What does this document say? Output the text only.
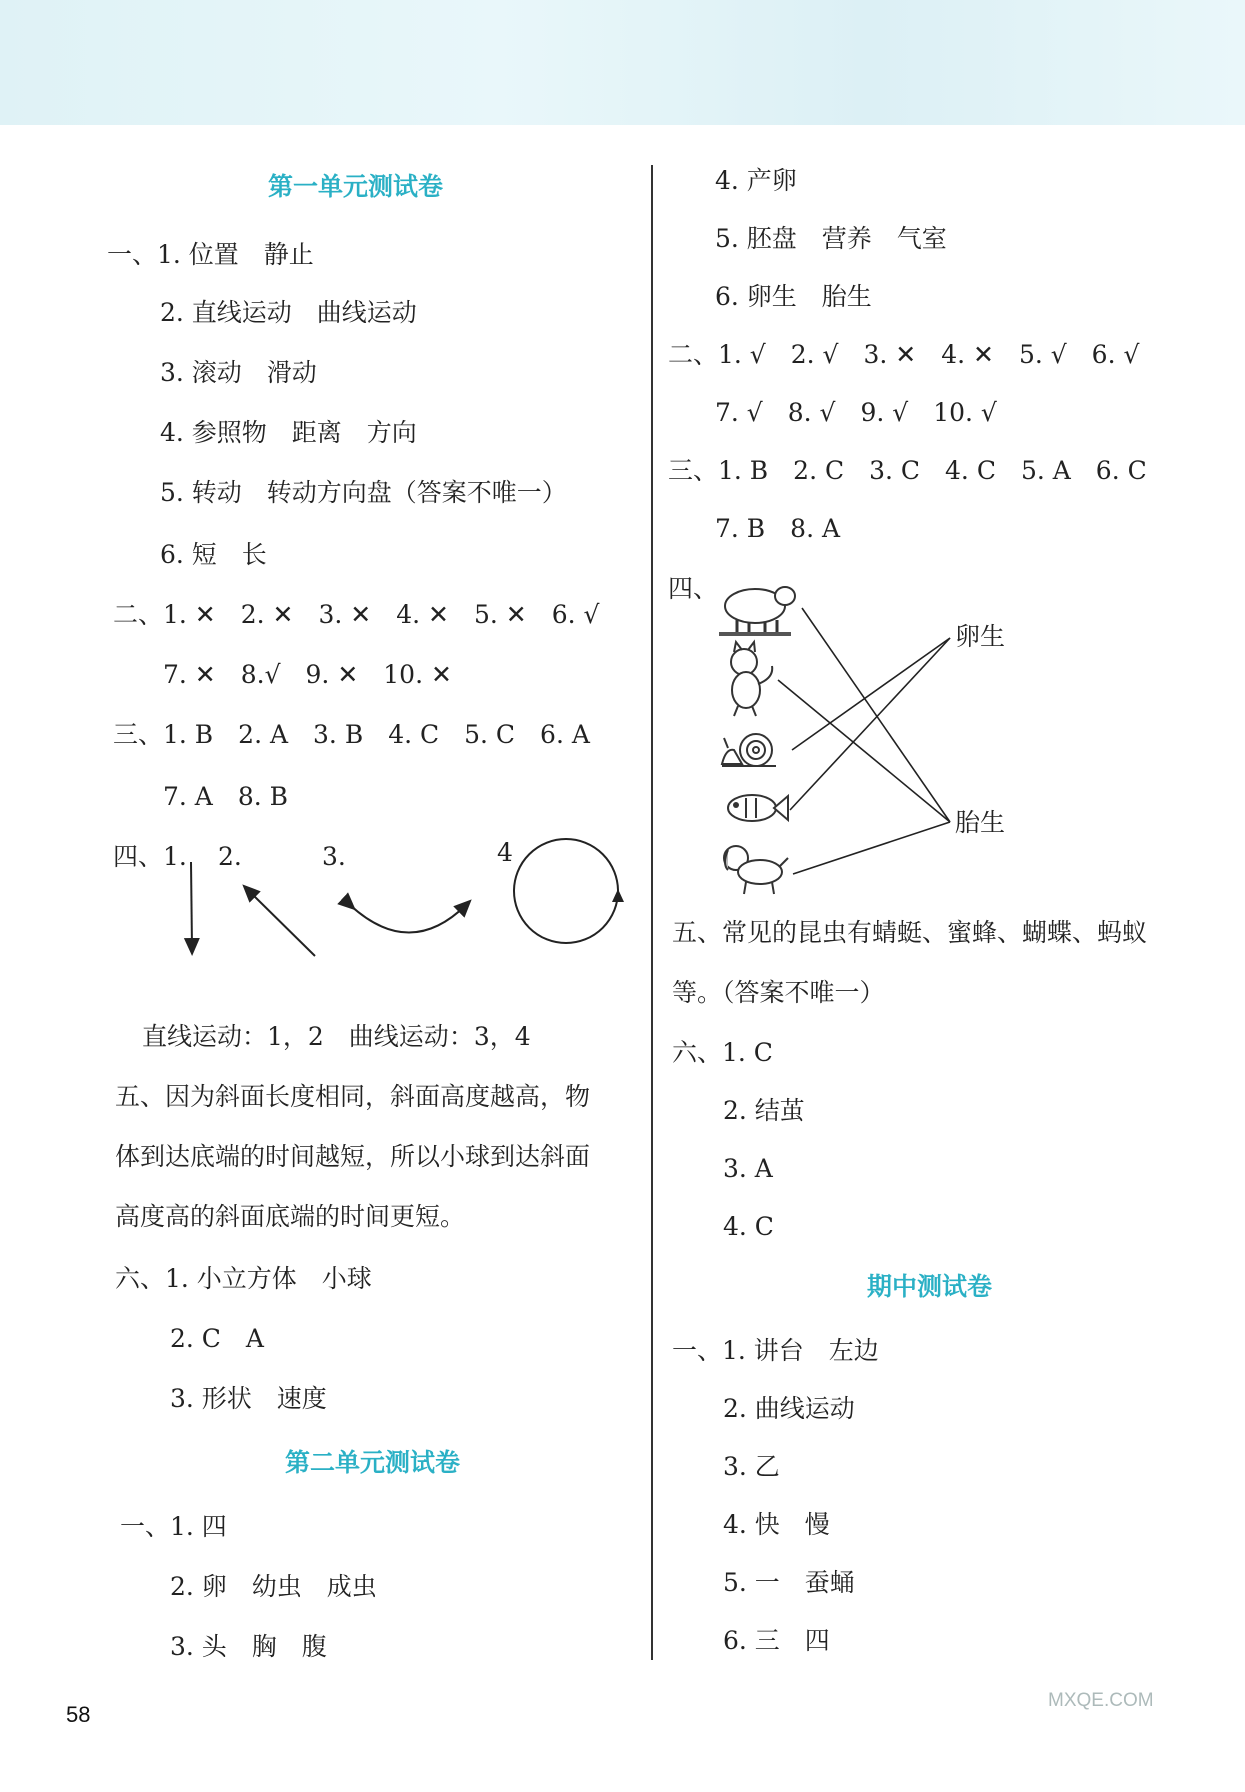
第一单元测试卷
一、1. 位置　静止
2. 直线运动　曲线运动
3. 滚动　滑动
4. 参照物　距离　方向
5. 转动　转动方向盘（答案不唯一）
6. 短　长
二、1. ✕　2. ✕　3. ✕　4. ✕　5. ✕　6. √
7. ✕　8.√　9. ✕　10. ✕
三、1. B　2. A　3. B　4. C　5. C　6. A
7. A　8. B
四、1. 2.	3.	4
直线运动：1，2　曲线运动：3，4
五、因为斜面长度相同，斜面高度越高，物
体到达底端的时间越短，所以小球到达斜面
高度高的斜面底端的时间更短。
六、1. 小立方体　小球
2. C　A
3. 形状　速度
第二单元测试卷
一、1. 四
2. 卵　幼虫　成虫
3. 头　胸　腹
4. 产卵
5. 胚盘　营养　气室
6. 卵生　胎生
二、1. √　2. √　3. ✕　4. ✕　5. √　6. √
7. √　8. √　9. √　10. √
三、1. B　2. C　3. C　4. C　5. A　6. C
7. B　8. A
四、
卵生
胎生
五、常见的昆虫有蜻蜓、蜜蜂、蝴蝶、蚂蚁
等。（答案不唯一）
六、1. C
2. 结茧
3. A
4. C
期中测试卷
一、1. 讲台　左边
2. 曲线运动
3. 乙
4. 快　慢
5. 一　蚕蛹
6. 三　四
58
MXQE.COM
